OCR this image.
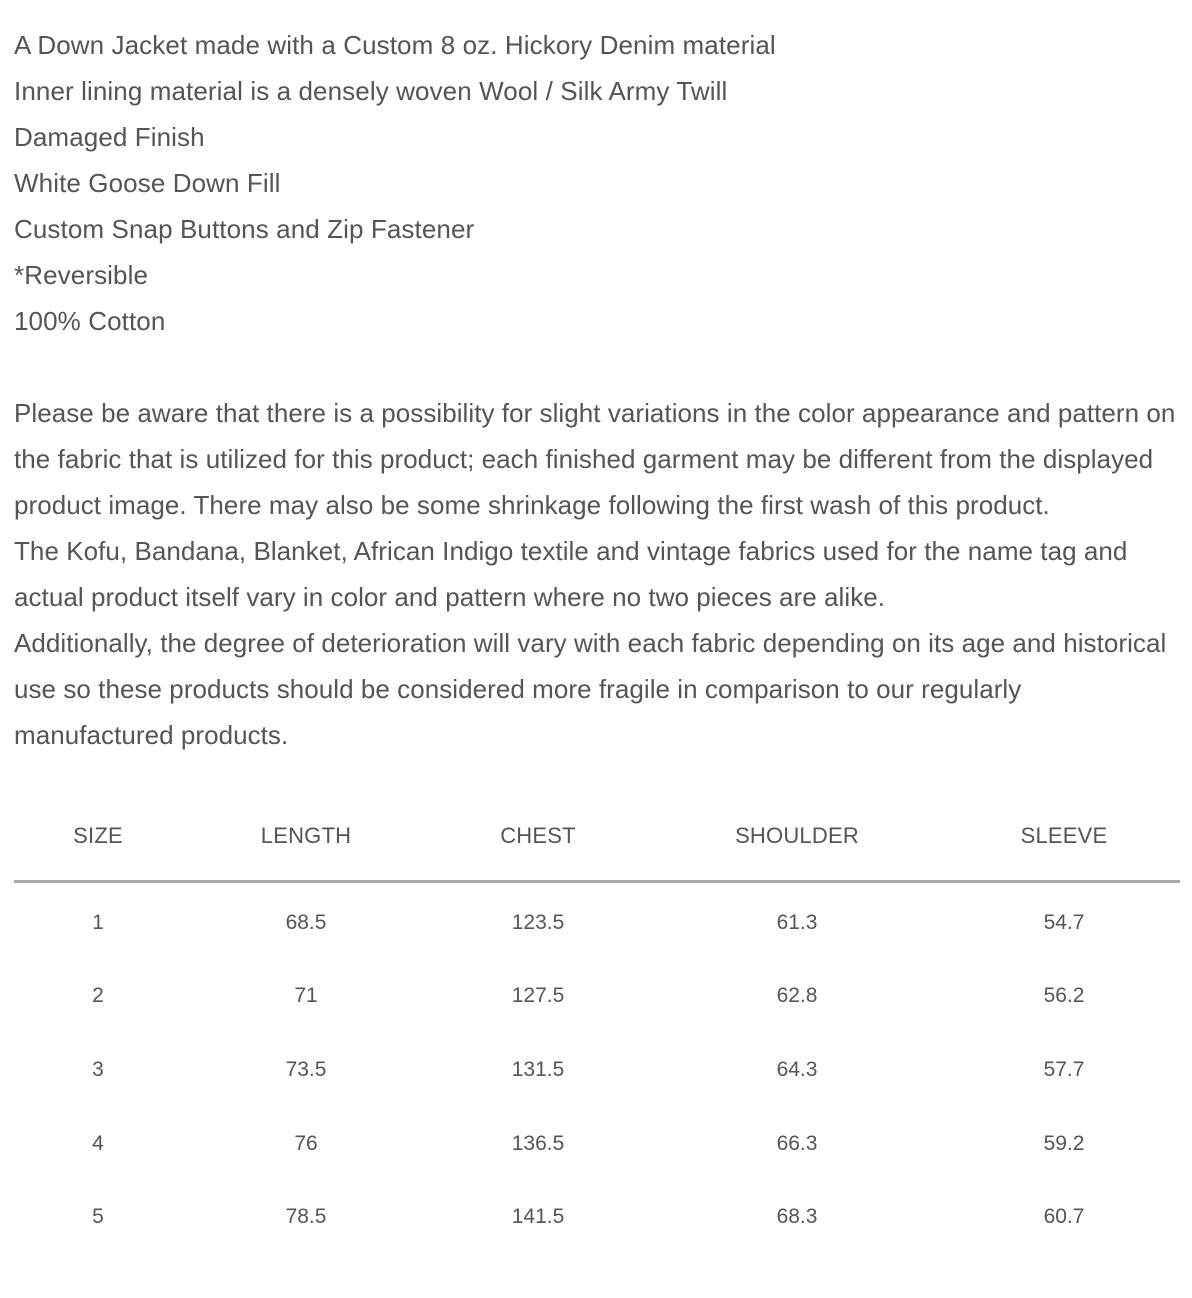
A Down Jacket made with a Custom 8 oz. Hickory Denim material
Inner lining material is a densely woven Wool / Silk Army Twill
Damaged Finish
White Goose Down Fill
Custom Snap Buttons and Zip Fastener
*Reversible
100% Cotton

Please be aware that there is a possibility for slight variations in the color appearance and pattern on the fabric that is utilized for this product; each finished garment may be different from the displayed product image. There may also be some shrinkage following the first wash of this product.

The Kofu, Bandana, Blanket, African Indigo textile and vintage fabrics used for the name tag and actual product itself vary in color and pattern where no two pieces are alike.

Additionally, the degree of deterioration will vary with each fabric depending on its age and historical use so these products should be considered more fragile in comparison to our regularly manufactured products.

SIZE	LENGTH	CHEST	SHOULDER	SLEEVE
1	68.5	123.5	61.3	54.7
2	71	127.5	62.8	56.2
3	73.5	131.5	64.3	57.7
4	76	136.5	66.3	59.2
5	78.5	141.5	68.3	60.7
